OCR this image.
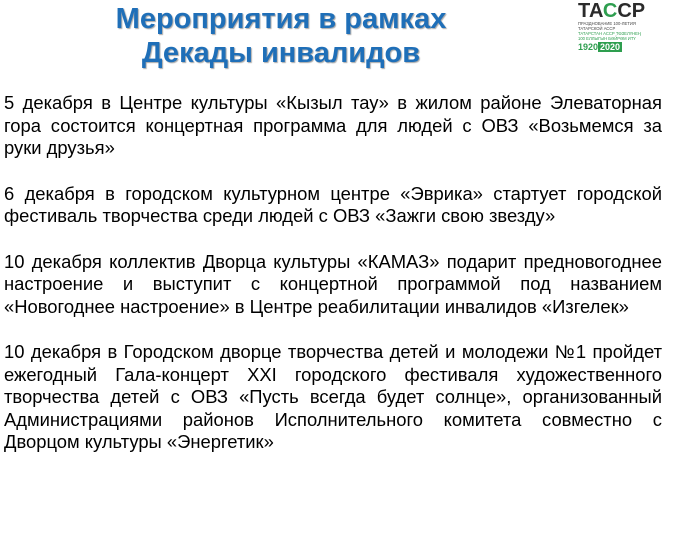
Мероприятия в рамках
Декады инвалидов
ТАССР
ПРАЗДНОВАНИЕ 100-ЛЕТИЯ
ТАТАРСКОЙ АССР
ТАТАРСТАН АССР ТӨЗЕЛҮНЕҢ
100 ЕЛЛЫГЫН БӘЙРӘМ ИТҮ
1920 2020

5 декабря в Центре культуры «Кызыл тау» в жилом районе Элеваторная гора состоится концертная программа для людей с ОВЗ «Возьмемся за руки друзья»

6 декабря в городском культурном центре «Эврика» стартует городской фестиваль творчества среди людей с ОВЗ «Зажги свою звезду»

10 декабря коллектив Дворца культуры «КАМАЗ» подарит предновогоднее настроение и выступит с концертной программой под названием «Новогоднее настроение» в Центре реабилитации инвалидов «Изгелек»

10 декабря в Городском дворце творчества детей и молодежи №1 пройдет ежегодный Гала-концерт XXI городского фестиваля художественного творчества детей с ОВЗ «Пусть всегда будет солнце», организованный Администрациями районов Исполнительного комитета совместно с Дворцом культуры «Энергетик»
